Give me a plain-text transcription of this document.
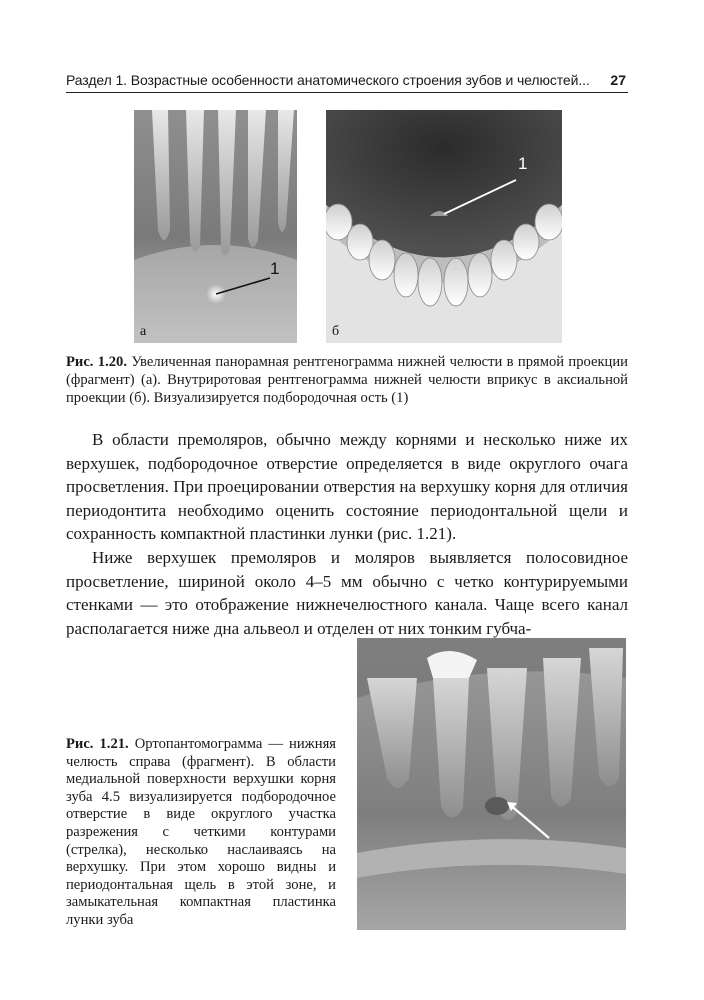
Раздел 1. Возрастные особенности анатомического строения зубов и челюстей... 27
1
а
1
б
Рис. 1.20. Увеличенная панорамная рентгенограмма нижней челюсти в прямой проекции (фрагмент) (а). Внутриротовая рентгенограмма нижней челюсти вприкус в аксиальной проекции (б). Визуализируется подбородочная ость (1)

В области премоляров, обычно между корнями и несколько ниже их верхушек, подбородочное отверстие определяется в виде округлого очага просветления. При проецировании отверстия на верхушку корня для отличия периодонтита необходимо оценить состояние периодонтальной щели и сохранность компактной пластинки лунки (рис. 1.21).

Ниже верхушек премоляров и моляров выявляется полосовидное просветление, шириной около 4–5 мм обычно с четко контурируемыми стенками — это отображение нижнечелюстного канала. Чаще всего канал располагается ниже дна альвеол и отделен от них тонким губча-

Рис. 1.21. Ортопантомограмма — нижняя челюсть справа (фрагмент). В области медиальной поверхности верхушки корня зуба 4.5 визуализируется подбородочное отверстие в виде округлого участка разрежения с четкими контурами (стрелка), несколько наслаиваясь на верхушку. При этом хорошо видны и периодонтальная щель в этой зоне, и замыкательная компактная пластинка лунки зуба
